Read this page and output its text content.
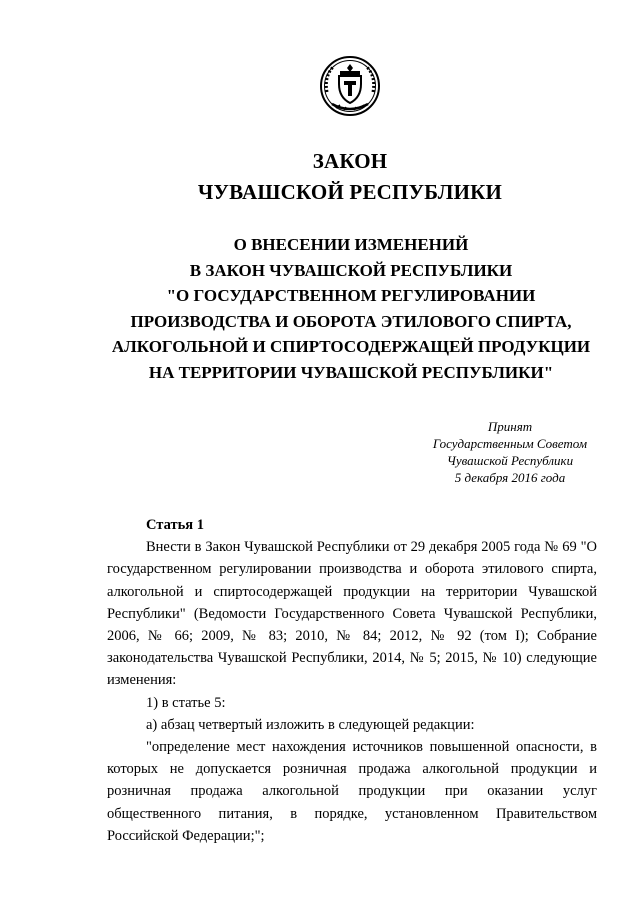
ЗАКОН
ЧУВАШСКОЙ РЕСПУБЛИКИ
О ВНЕСЕНИИ ИЗМЕНЕНИЙ
В ЗАКОН ЧУВАШСКОЙ РЕСПУБЛИКИ
"О ГОСУДАРСТВЕННОМ РЕГУЛИРОВАНИИ
ПРОИЗВОДСТВА И ОБОРОТА ЭТИЛОВОГО СПИРТА,
АЛКОГОЛЬНОЙ И СПИРТОСОДЕРЖАЩЕЙ ПРОДУКЦИИ
НА ТЕРРИТОРИИ ЧУВАШСКОЙ РЕСПУБЛИКИ"
Принят
Государственным Советом
Чувашской Республики
5 декабря 2016 года
Статья 1
Внести в Закон Чувашской Республики от 29 декабря 2005 года № 69 "О государственном регулировании производства и оборота этилового спирта, алкогольной и спиртосодержащей продукции на территории Чувашской Республики" (Ведомости Государственного Совета Чувашской Республики, 2006, № 66; 2009, № 83; 2010, № 84; 2012, № 92 (том I); Собрание законодательства Чувашской Республики, 2014, № 5; 2015, № 10) следующие изменения:
1) в статье 5:
а) абзац четвертый изложить в следующей редакции:
"определение мест нахождения источников повышенной опасности, в которых не допускается розничная продажа алкогольной продукции и розничная продажа алкогольной продукции при оказании услуг общественного питания, в порядке, установленном Правительством Российской Федерации;";
